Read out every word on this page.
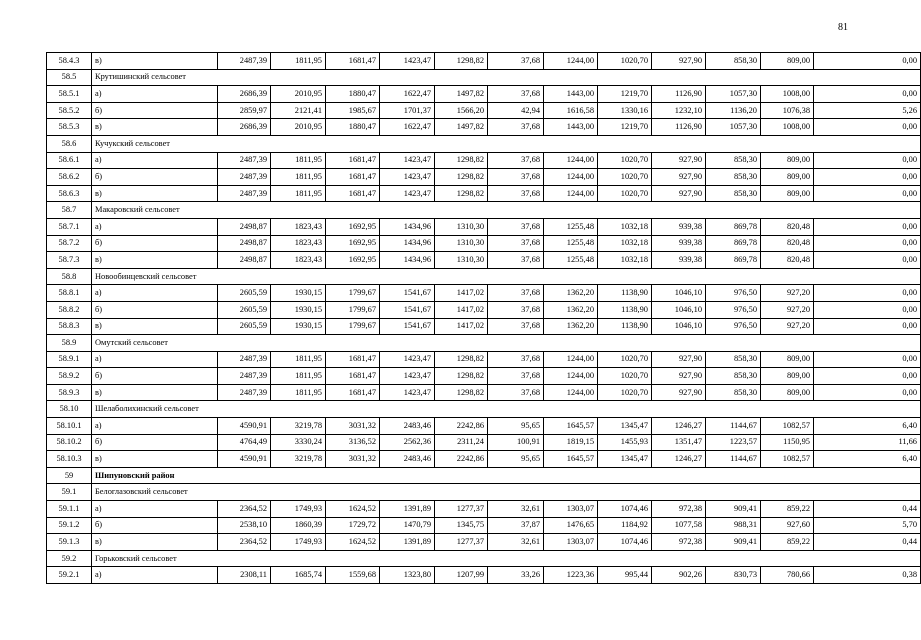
81
58.4.3	в)	2487,39	1811,95	1681,47	1423,47	1298,82	37,68	1244,00	1020,70	927,90	858,30	809,00	0,00
58.5	Крутишинский сельсовет												
58.5.1	а)	2686,39	2010,95	1880,47	1622,47	1497,82	37,68	1443,00	1219,70	1126,90	1057,30	1008,00	0,00
58.5.2	б)	2859,97	2121,41	1985,67	1701,37	1566,20	42,94	1616,58	1330,16	1232,10	1136,20	1076,38	5,26
58.5.3	в)	2686,39	2010,95	1880,47	1622,47	1497,82	37,68	1443,00	1219,70	1126,90	1057,30	1008,00	0,00
58.6	Кучукский сельсовет												
58.6.1	а)	2487,39	1811,95	1681,47	1423,47	1298,82	37,68	1244,00	1020,70	927,90	858,30	809,00	0,00
58.6.2	б)	2487,39	1811,95	1681,47	1423,47	1298,82	37,68	1244,00	1020,70	927,90	858,30	809,00	0,00
58.6.3	в)	2487,39	1811,95	1681,47	1423,47	1298,82	37,68	1244,00	1020,70	927,90	858,30	809,00	0,00
58.7	Макаровский сельсовет												
58.7.1	а)	2498,87	1823,43	1692,95	1434,96	1310,30	37,68	1255,48	1032,18	939,38	869,78	820,48	0,00
58.7.2	б)	2498,87	1823,43	1692,95	1434,96	1310,30	37,68	1255,48	1032,18	939,38	869,78	820,48	0,00
58.7.3	в)	2498,87	1823,43	1692,95	1434,96	1310,30	37,68	1255,48	1032,18	939,38	869,78	820,48	0,00
58.8	Новообинцевский сельсовет												
58.8.1	а)	2605,59	1930,15	1799,67	1541,67	1417,02	37,68	1362,20	1138,90	1046,10	976,50	927,20	0,00
58.8.2	б)	2605,59	1930,15	1799,67	1541,67	1417,02	37,68	1362,20	1138,90	1046,10	976,50	927,20	0,00
58.8.3	в)	2605,59	1930,15	1799,67	1541,67	1417,02	37,68	1362,20	1138,90	1046,10	976,50	927,20	0,00
58.9	Омутский сельсовет												
58.9.1	а)	2487,39	1811,95	1681,47	1423,47	1298,82	37,68	1244,00	1020,70	927,90	858,30	809,00	0,00
58.9.2	б)	2487,39	1811,95	1681,47	1423,47	1298,82	37,68	1244,00	1020,70	927,90	858,30	809,00	0,00
58.9.3	в)	2487,39	1811,95	1681,47	1423,47	1298,82	37,68	1244,00	1020,70	927,90	858,30	809,00	0,00
58.10	Шелаболихинский сельсовет												
58.10.1	а)	4590,91	3219,78	3031,32	2483,46	2242,86	95,65	1645,57	1345,47	1246,27	1144,67	1082,57	6,40
58.10.2	б)	4764,49	3330,24	3136,52	2562,36	2311,24	100,91	1819,15	1455,93	1351,47	1223,57	1150,95	11,66
58.10.3	в)	4590,91	3219,78	3031,32	2483,46	2242,86	95,65	1645,57	1345,47	1246,27	1144,67	1082,57	6,40
59	Шипуновский район												
59.1	Белоглазовский сельсовет												
59.1.1	а)	2364,52	1749,93	1624,52	1391,89	1277,37	32,61	1303,07	1074,46	972,38	909,41	859,22	0,44
59.1.2	б)	2538,10	1860,39	1729,72	1470,79	1345,75	37,87	1476,65	1184,92	1077,58	988,31	927,60	5,70
59.1.3	в)	2364,52	1749,93	1624,52	1391,89	1277,37	32,61	1303,07	1074,46	972,38	909,41	859,22	0,44
59.2	Горьковский сельсовет												
59.2.1	а)	2308,11	1685,74	1559,68	1323,80	1207,99	33,26	1223,36	995,44	902,26	830,73	780,66	0,38
